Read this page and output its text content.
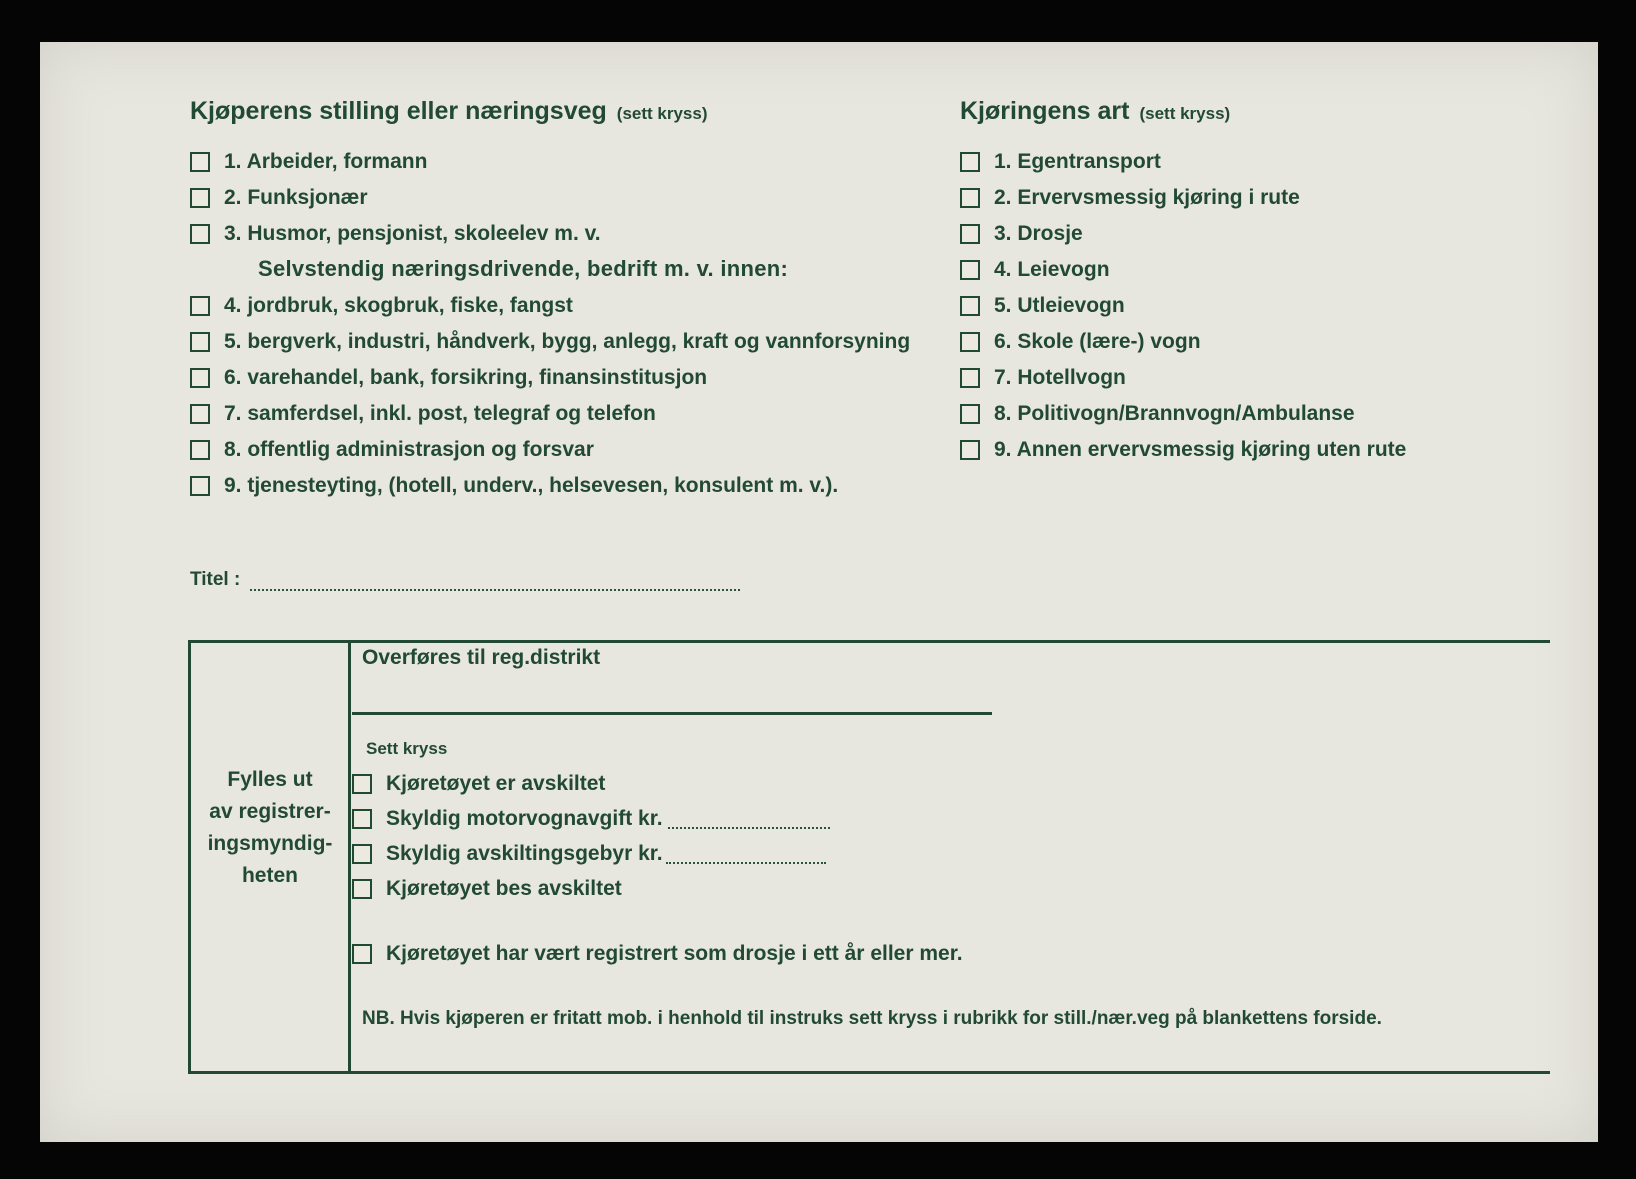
Kjøperens stilling eller næringsveg (sett kryss)
1. Arbeider, formann
2. Funksjonær
3. Husmor, pensjonist, skoleelev m. v.
Selvstendig næringsdrivende, bedrift m. v. innen:
4. jordbruk, skogbruk, fiske, fangst
5. bergverk, industri, håndverk, bygg, anlegg, kraft og vannforsyning
6. varehandel, bank, forsikring, finansinstitusjon
7. samferdsel, inkl. post, telegraf og telefon
8. offentlig administrasjon og forsvar
9. tjenesteyting, (hotell, underv., helsevesen, konsulent m. v.).
Kjøringens art (sett kryss)
1. Egentransport
2. Ervervsmessig kjøring i rute
3. Drosje
4. Leievogn
5. Utleievogn
6. Skole (lære-) vogn
7. Hotellvogn
8. Politivogn/Brannvogn/Ambulanse
9. Annen ervervsmessig kjøring uten rute
Titel :
Fylles ut
av registrer-
ingsmyndig-
heten
Overføres til reg.distrikt
Sett kryss
Kjøretøyet er avskiltet
Skyldig motorvognavgift kr.
Skyldig avskiltingsgebyr kr.
Kjøretøyet bes avskiltet
Kjøretøyet har vært registrert som drosje i ett år eller mer.
NB. Hvis kjøperen er fritatt mob. i henhold til instruks sett kryss i rubrikk for still./nær.veg på blankettens forside.
